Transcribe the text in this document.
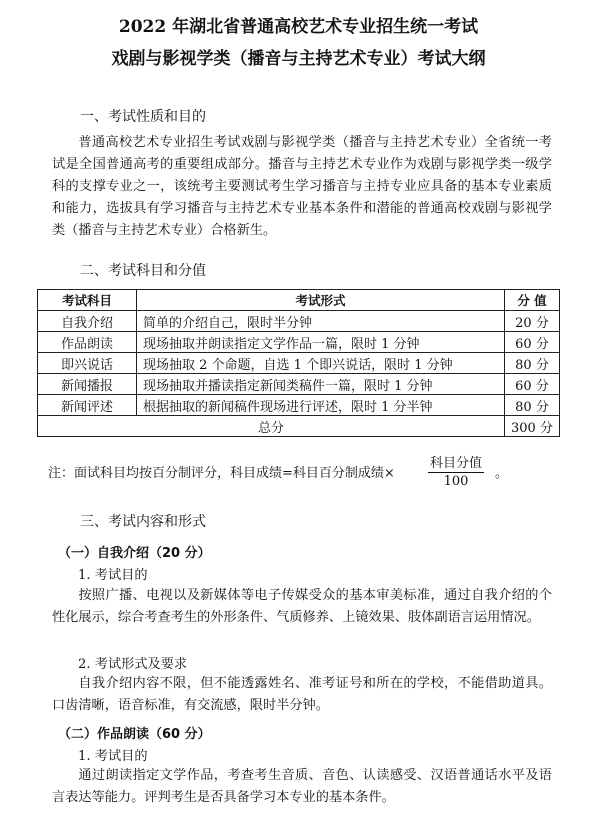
2022 年湖北省普通高校艺术专业招生统一考试
戏剧与影视学类（播音与主持艺术专业）考试大纲
一、考试性质和目的

普通高校艺术专业招生考试戏剧与影视学类（播音与主持艺术专业）全省统一考试是全国普通高考的重要组成部分。播音与主持艺术专业作为戏剧与影视学类一级学科的支撑专业之一，该统考主要测试考生学习播音与主持专业应具备的基本专业素质和能力，选拔具有学习播音与主持艺术专业基本条件和潜能的普通高校戏剧与影视学类（播音与主持艺术专业）合格新生。

二、考试科目和分值
考试科目	考试形式	分 值
自我介绍	简单的介绍自己，限时半分钟	20 分
作品朗读	现场抽取并朗读指定文学作品一篇，限时 1 分钟	60 分
即兴说话	现场抽取 2 个命题，自选 1 个即兴说话，限时 1 分钟	80 分
新闻播报	现场抽取并播读指定新闻类稿件一篇，限时 1 分钟	60 分
新闻评述	根据抽取的新闻稿件现场进行评述，限时 1 分半钟	80 分
总分		300 分
注：面试科目均按百分制评分，科目成绩=科目百分制成绩×
科目分值
100
。
三、考试内容和形式
（一）自我介绍（20 分）
1. 考试目的

按照广播、电视以及新媒体等电子传媒受众的基本审美标准，通过自我介绍的个性化展示，综合考查考生的外形条件、气质修养、上镜效果、肢体副语言运用情况。

2. 考试形式及要求

自我介绍内容不限，但不能透露姓名、准考证号和所在的学校，不能借助道具。口齿清晰，语音标准，有交流感，限时半分钟。

（二）作品朗读（60 分）
1. 考试目的

通过朗读指定文学作品，考查考生音质、音色、认读感受、汉语普通话水平及语言表达等能力。评判考生是否具备学习本专业的基本条件。
